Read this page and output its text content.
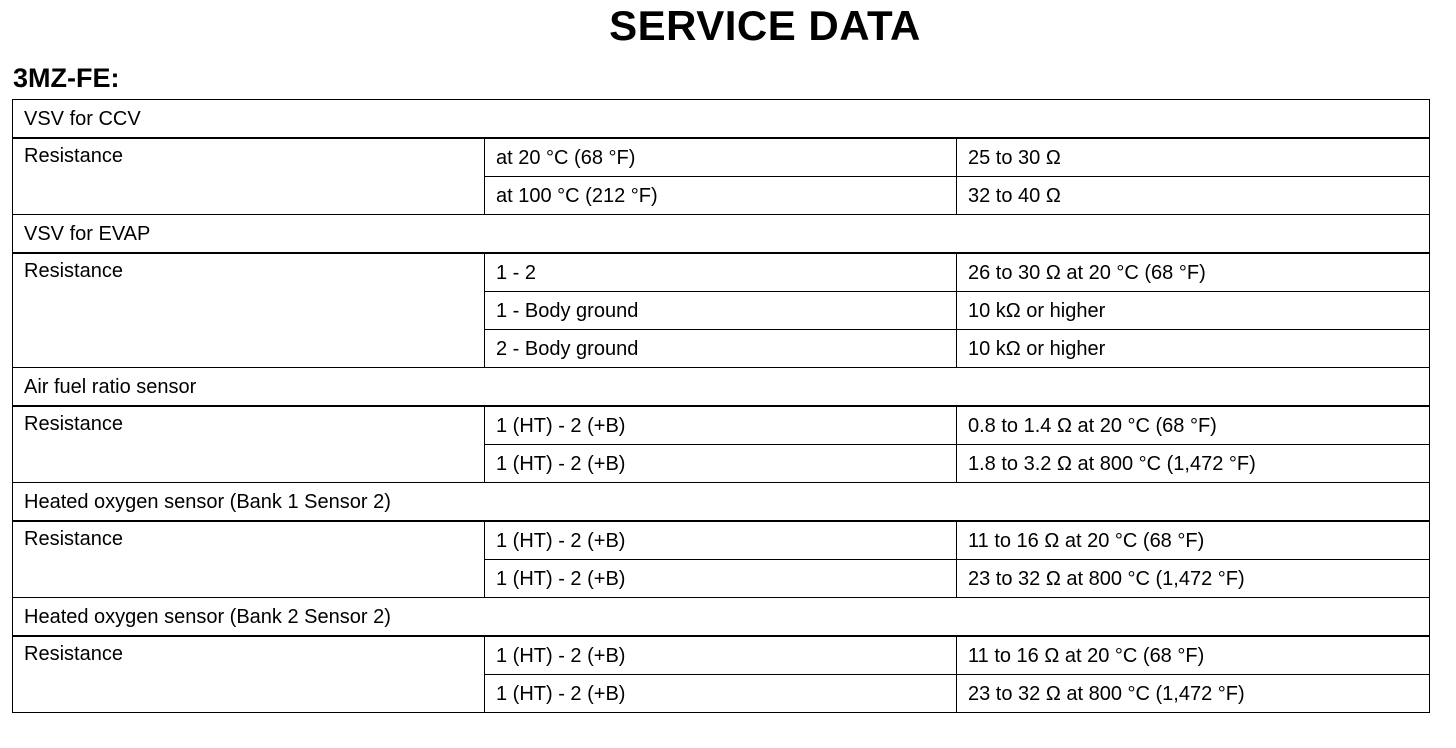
SERVICE DATA
3MZ-FE:
VSV for CCV		
Resistance	at 20 °C (68 °F)	25 to 30 Ω
	at 100 °C (212 °F)	32 to 40 Ω
VSV for EVAP		
Resistance	1 - 2	26 to 30 Ω at 20 °C (68 °F)
	1 - Body ground	10 kΩ or higher
	2 - Body ground	10 kΩ or higher
Air fuel ratio sensor		
Resistance	1 (HT) - 2 (+B)	0.8 to 1.4 Ω at 20 °C (68 °F)
	1 (HT) - 2 (+B)	1.8 to 3.2 Ω at 800 °C (1,472 °F)
Heated oxygen sensor (Bank 1 Sensor 2)		
Resistance	1 (HT) - 2 (+B)	11 to 16 Ω at 20 °C (68 °F)
	1 (HT) - 2 (+B)	23 to 32 Ω at 800 °C (1,472 °F)
Heated oxygen sensor (Bank 2 Sensor 2)		
Resistance	1 (HT) - 2 (+B)	11 to 16 Ω at 20 °C (68 °F)
	1 (HT) - 2 (+B)	23 to 32 Ω at 800 °C (1,472 °F)
